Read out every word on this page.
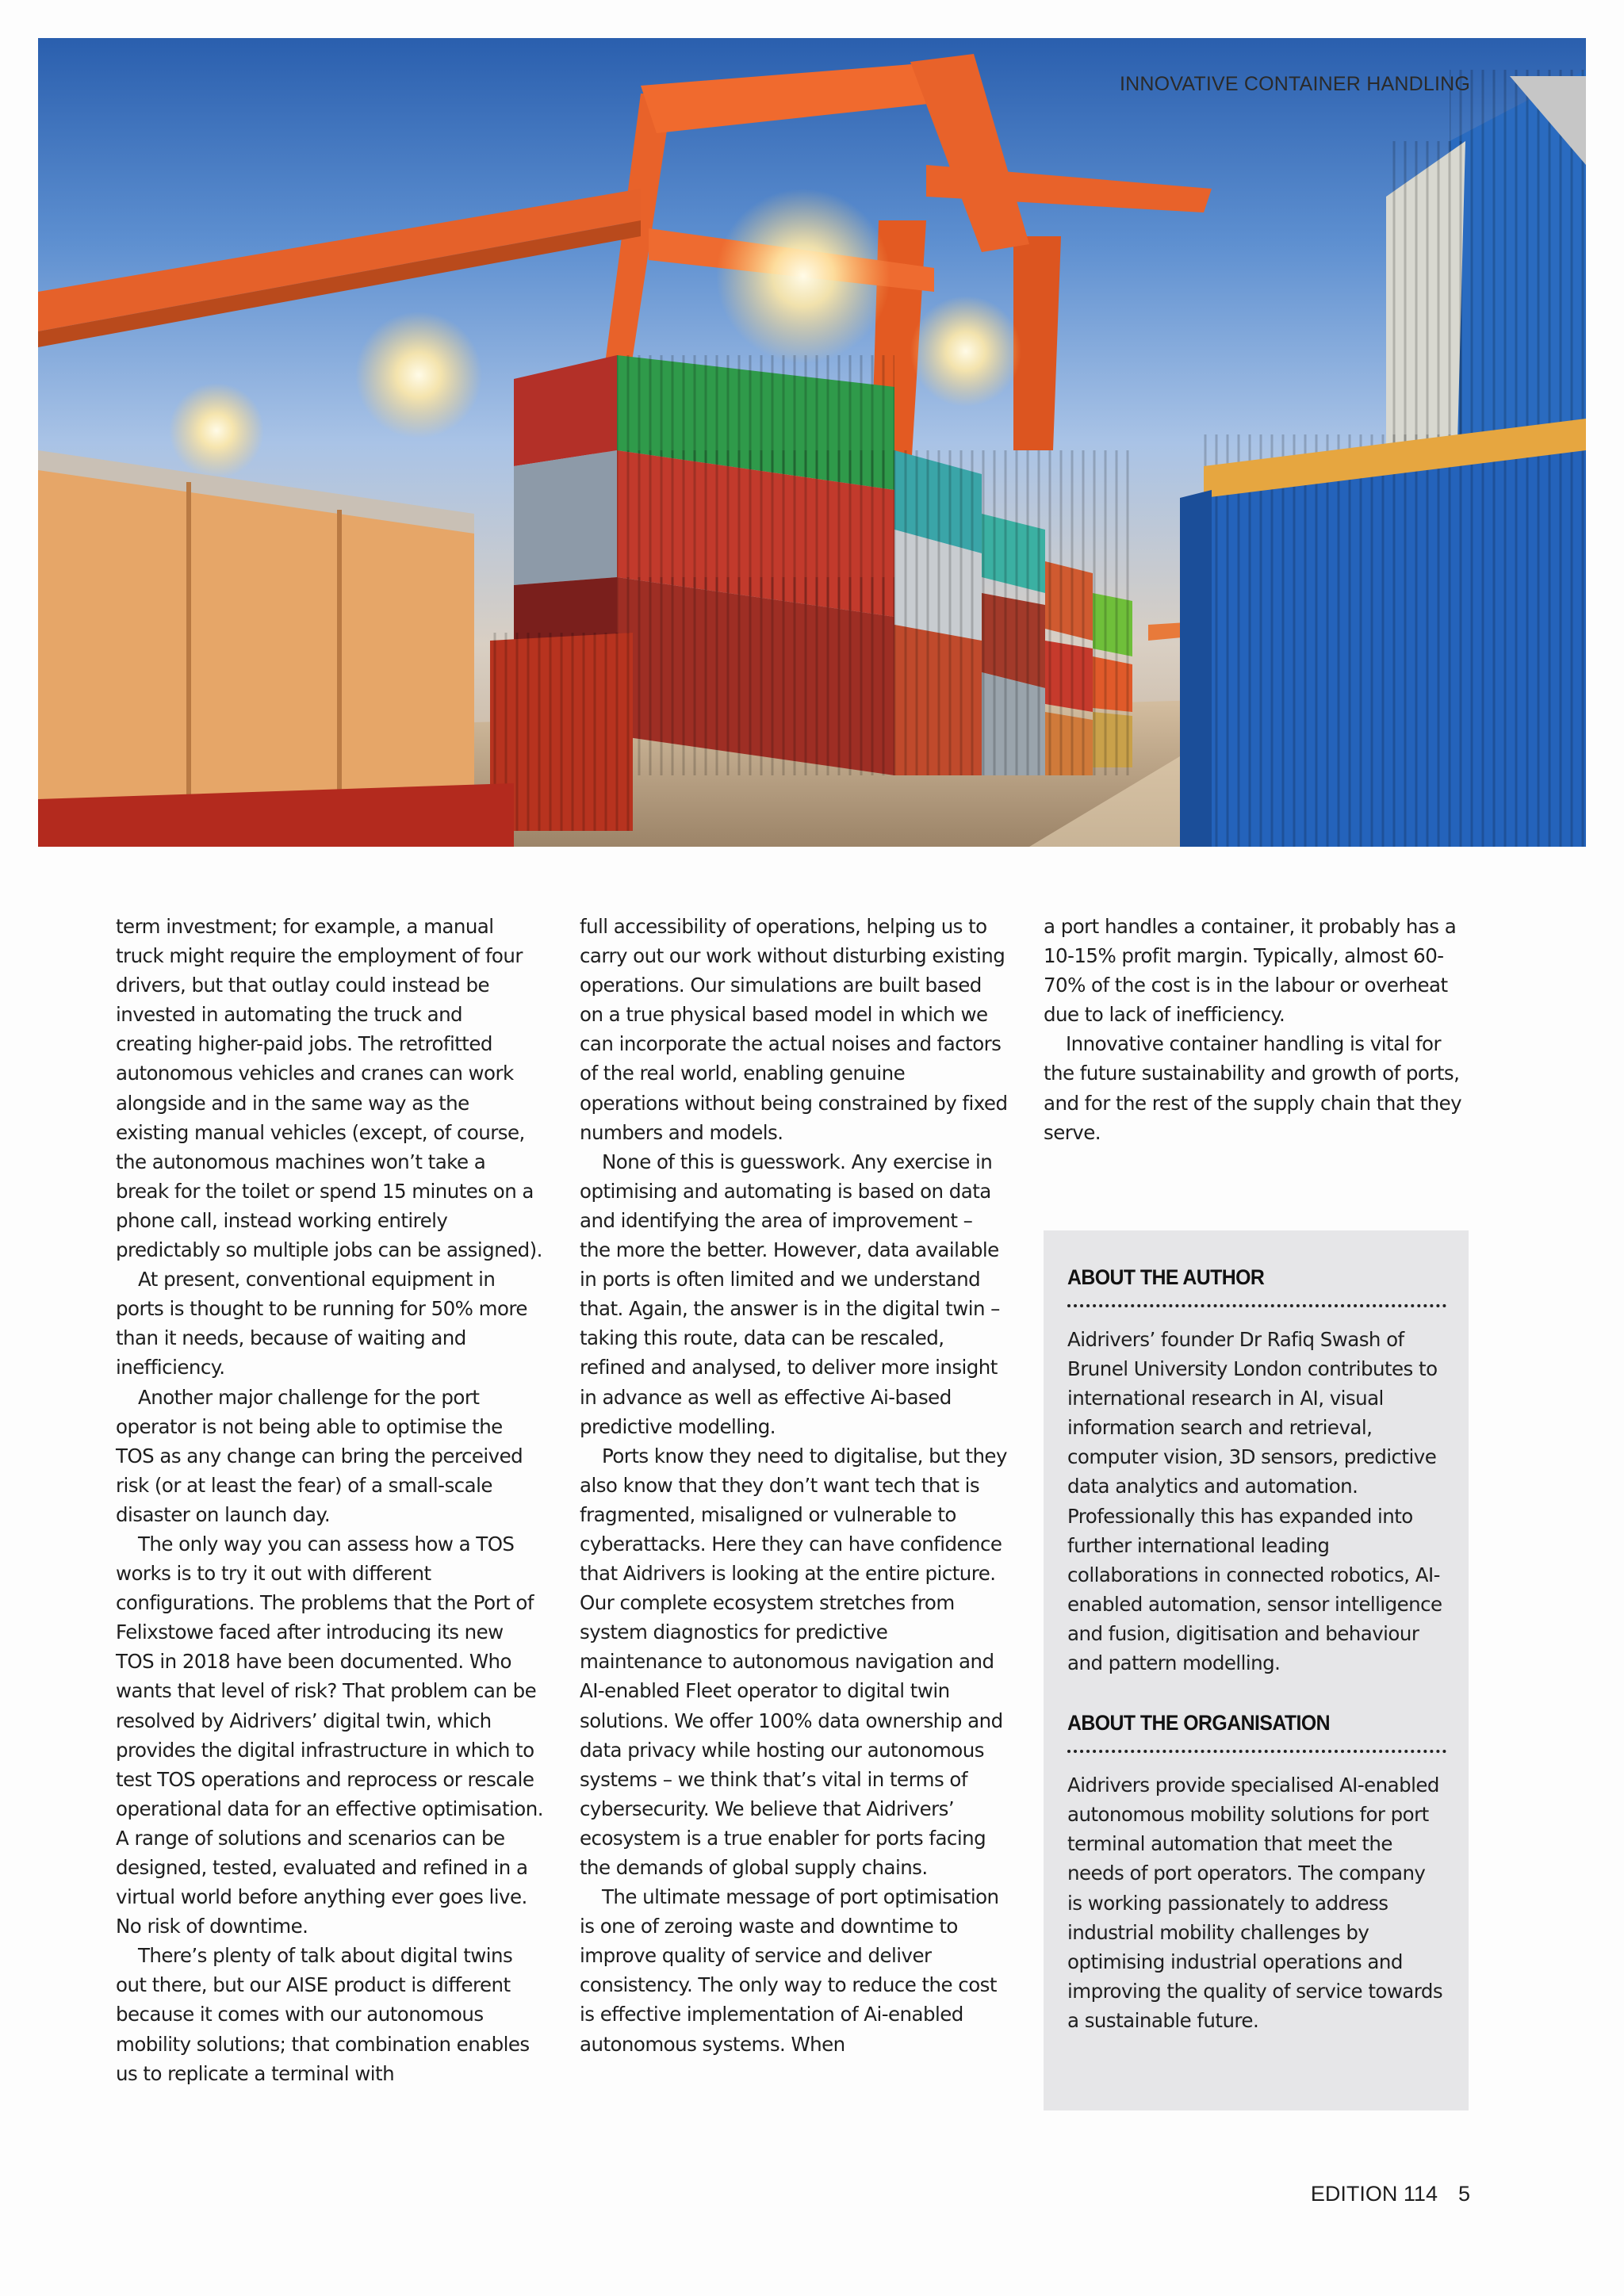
INNOVATIVE CONTAINER HANDLING

term investment; for example, a manual truck might require the employment of four drivers, but that outlay could instead be invested in automating the truck and creating higher-paid jobs. The retrofitted autonomous vehicles and cranes can work alongside and in the same way as the existing manual vehicles (except, of course, the autonomous machines won’t take a break for the toilet or spend 15 minutes on a phone call, instead working entirely predictably so multiple jobs can be assigned).

At present, conventional equipment in ports is thought to be running for 50% more than it needs, because of waiting and inefficiency.

Another major challenge for the port operator is not being able to optimise the TOS as any change can bring the perceived risk (or at least the fear) of a small-scale disaster on launch day.

The only way you can assess how a TOS works is to try it out with different configurations. The problems that the Port of Felixstowe faced after introducing its new TOS in 2018 have been documented. Who wants that level of risk? That problem can be resolved by Aidrivers’ digital twin, which provides the digital infrastructure in which to test TOS operations and reprocess or rescale operational data for an effective optimisation. A range of solutions and scenarios can be designed, tested, evaluated and refined in a virtual world before anything ever goes live. No risk of downtime.

There’s plenty of talk about digital twins out there, but our AISE product is different because it comes with our autonomous mobility solutions; that combination enables us to replicate a terminal with

full accessibility of operations, helping us to carry out our work without disturbing existing operations. Our simulations are built based on a true physical based model in which we can incorporate the actual noises and factors of the real world, enabling genuine operations without being constrained by fixed numbers and models.

None of this is guesswork. Any exercise in optimising and automating is based on data and identifying the area of improvement – the more the better. However, data available in ports is often limited and we understand that. Again, the answer is in the digital twin – taking this route, data can be rescaled, refined and analysed, to deliver more insight in advance as well as effective Ai-based predictive modelling.

Ports know they need to digitalise, but they also know that they don’t want tech that is fragmented, misaligned or vulnerable to cyberattacks. Here they can have confidence that Aidrivers is looking at the entire picture. Our complete ecosystem stretches from system diagnostics for predictive maintenance to autonomous navigation and AI-enabled Fleet operator to digital twin solutions. We offer 100% data ownership and data privacy while hosting our autonomous systems – we think that’s vital in terms of cybersecurity. We believe that Aidrivers’ ecosystem is a true enabler for ports facing the demands of global supply chains.

The ultimate message of port optimisation is one of zeroing waste and downtime to improve quality of service and deliver consistency. The only way to reduce the cost is effective implementation of Ai-enabled autonomous systems. When

a port handles a container, it probably has a 10-15% profit margin. Typically, almost 60-70% of the cost is in the labour or overheat due to lack of inefficiency.

Innovative container handling is vital for the future sustainability and growth of ports, and for the rest of the supply chain that they serve.

ABOUT THE AUTHOR

Aidrivers’ founder Dr Rafiq Swash of Brunel University London contributes to international research in AI, visual information search and retrieval, computer vision, 3D sensors, predictive data analytics and automation. Professionally this has expanded into further international leading collaborations in connected robotics, AI-enabled automation, sensor intelligence and fusion, digitisation and behaviour and pattern modelling.

ABOUT THE ORGANISATION

Aidrivers provide specialised AI-enabled autonomous mobility solutions for port terminal automation that meet the needs of port operators. The company is working passionately to address industrial mobility challenges by optimising industrial operations and improving the quality of service towards a sustainable future.

EDITION 114 5
